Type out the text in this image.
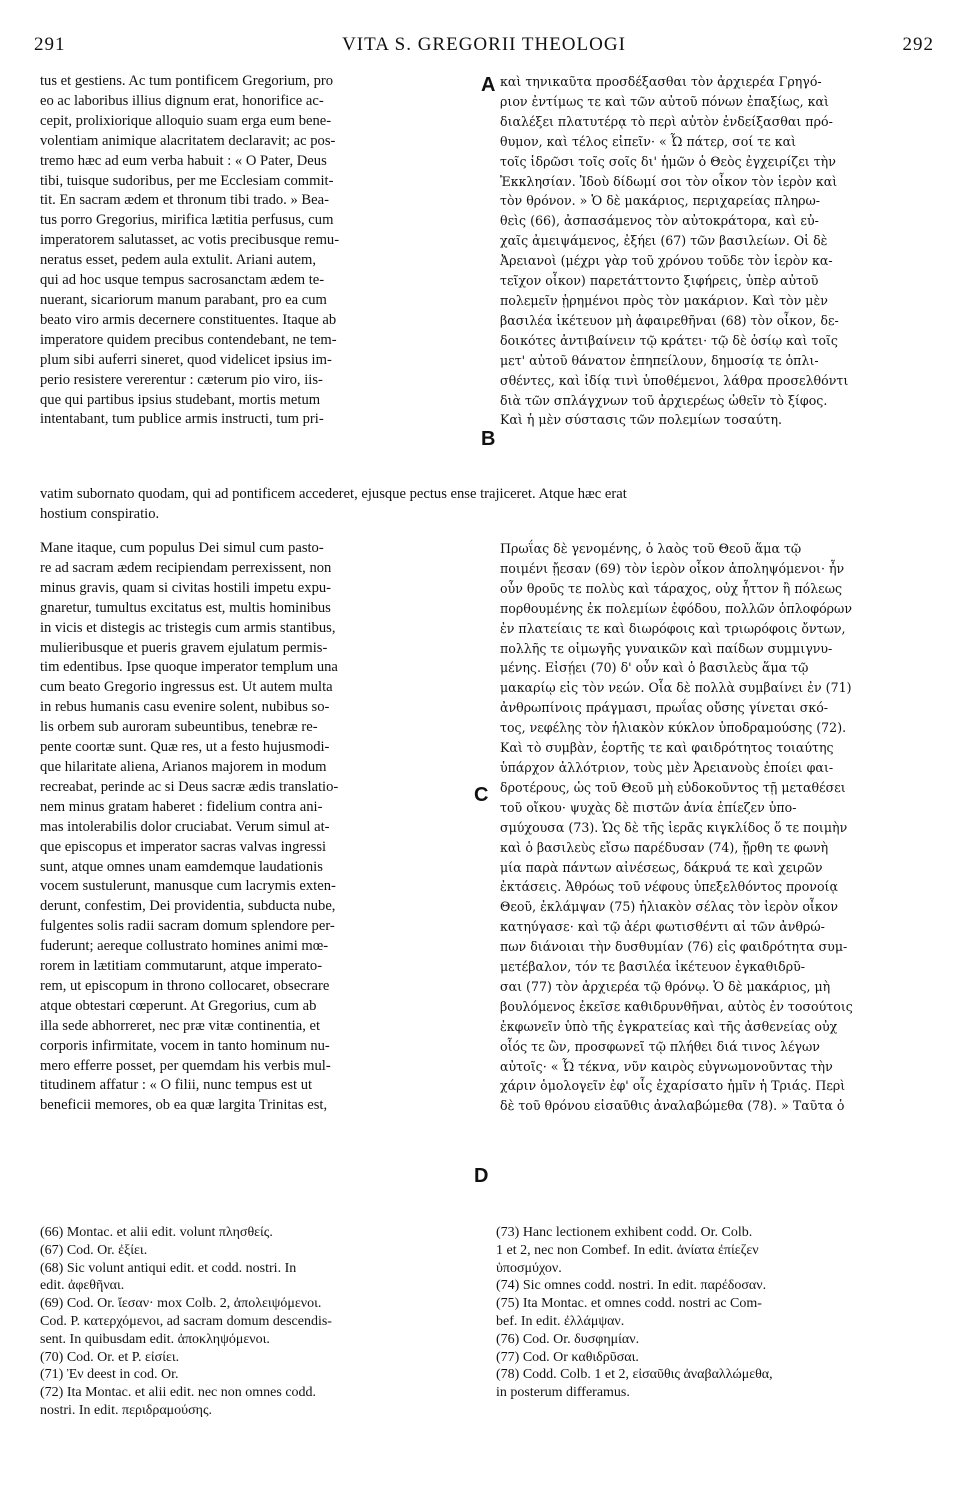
291	VITA S. GREGORII THEOLOGI	292
tus et gestiens. Ac tum pontificem Gregorium, pro
eo ac laboribus illius dignum erat, honorifice ac-
cepit, prolixiorique alloquio suam erga eum bene-
volentiam animique alacritatem declaravit; ac pos-
tremo hæc ad eum verba habuit : « O Pater, Deus
tibi, tuisque sudoribus, per me Ecclesiam commit-
tit. En sacram ædem et thronum tibi trado. » Bea-
tus porro Gregorius, mirifica lætitia perfusus, cum
imperatorem salutasset, ac votis precibusque remu-
neratus esset, pedem aula extulit. Ariani autem,
qui ad hoc usque tempus sacrosanctam ædem te-
nuerant, sicariorum manum parabant, pro ea cum
beato viro armis decernere constituentes. Itaque ab
imperatore quidem precibus contendebant, ne tem-
plum sibi auferri sineret, quod videlicet ipsius im-
perio resistere vererentur : cæterum pio viro, iis-
que qui partibus ipsius studebant, mortis metum
intentabant, tum publice armis instructi, tum pri-
καὶ τηνικαῦτα προσδέξασθαι τὸν ἀρχιερέα Γρηγό-
ριον ἐντίμως τε καὶ τῶν αὐτοῦ πόνων ἐπαξίως, καὶ
διαλέξει πλατυτέρᾳ τὸ περὶ αὐτὸν ἐνδείξασθαι πρό-
θυμον, καὶ τέλος εἰπεῖν· « Ὦ πάτερ, σοί τε καὶ
τοῖς ἱδρῶσι τοῖς σοῖς δι' ἡμῶν ὁ Θεὸς ἐγχειρίζει τὴν
Ἐκκλησίαν. Ἰδοὺ δίδωμί σοι τὸν οἶκον τὸν ἱερὸν καὶ
τὸν θρόνον. » Ὁ δὲ μακάριος, περιχαρείας πληρω-
θεὶς (66), ἀσπασάμενος τὸν αὐτοκράτορα, καὶ εὐ-
χαῖς ἀμειψάμενος, ἐξήει (67) τῶν βασιλείων. Οἱ δὲ
Ἀρειανοὶ (μέχρι γὰρ τοῦ χρόνου τοῦδε τὸν ἱερὸν κα-
τεῖχον οἶκον) παρετάττοντο ξιφήρεις, ὑπὲρ αὐτοῦ
πολεμεῖν ᾑρημένοι πρὸς τὸν μακάριον. Καὶ τὸν μὲν
βασιλέα ἱκέτευον μὴ ἀφαιρεθῆναι (68) τὸν οἶκον, δε-
δοικότες ἀντιβαίνειν τῷ κράτει· τῷ δὲ ὁσίῳ καὶ τοῖς
μετ' αὐτοῦ θάνατον ἐπηπείλουν, δημοσίᾳ τε ὁπλι-
σθέντες, καὶ ἰδίᾳ τινὶ ὑποθέμενοι, λάθρα προσελθόντι
διὰ τῶν σπλάγχνων τοῦ ἀρχιερέως ὠθεῖν τὸ ξίφος.
Καὶ ἡ μὲν σύστασις τῶν πολεμίων τοσαύτη.
vatim subornato quodam, qui ad pontificem accederet, ejusque pectus ense trajiceret. Atque hæc erat
hostium conspiratio.
Mane itaque, cum populus Dei simul cum pasto-
re ad sacram ædem recipiendam perrexissent, non
minus gravis, quam si civitas hostili impetu expu-
gnaretur, tumultus excitatus est, multis hominibus
in vicis et distegis ac tristegis cum armis stantibus,
mulieribusque et pueris gravem ejulatum permis-
tim edentibus. Ipse quoque imperator templum una
cum beato Gregorio ingressus est. Ut autem multa
in rebus humanis casu evenire solent, nubibus so-
lis orbem sub auroram subeuntibus, tenebræ re-
pente coortæ sunt. Quæ res, ut a festo hujusmodi-
que hilaritate aliena, Arianos majorem in modum
recreabat, perinde ac si Deus sacræ ædis translatio-
nem minus gratam haberet : fidelium contra ani-
mas intolerabilis dolor cruciabat. Verum simul at-
que episcopus et imperator sacras valvas ingressi
sunt, atque omnes unam eamdemque laudationis
vocem sustulerunt, manusque cum lacrymis exten-
derunt, confestim, Dei providentia, subducta nube,
fulgentes solis radii sacram domum splendore per-
fuderunt; aereque collustrato homines animi mœ-
rorem in lætitiam commutarunt, atque imperato-
rem, ut episcopum in throno collocaret, obsecrare
atque obtestari cœperunt. At Gregorius, cum ab
illa sede abhorreret, nec præ vitæ continentia, et
corporis infirmitate, vocem in tanto hominum nu-
mero efferre posset, per quemdam his verbis mul-
titudinem affatur : « O filii, nunc tempus est ut
beneficii memores, ob ea quæ largita Trinitas est,
Πρωΐας δὲ γενομένης, ὁ λαὸς τοῦ Θεοῦ ἅμα τῷ
ποιμένι ᾔεσαν (69) τὸν ἱερὸν οἶκον ἀποληψόμενοι· ἦν
οὖν θροῦς τε πολὺς καὶ τάραχος, οὐχ ἧττον ἢ πόλεως
πορθουμένης ἐκ πολεμίων ἐφόδου, πολλῶν ὁπλοφόρων
ἐν πλατείαις τε καὶ διωρόφοις καὶ τριωρόφοις ὄντων,
πολλῆς τε οἰμωγῆς γυναικῶν καὶ παίδων συμμιγνυ-
μένης. Εἰσῄει (70) δ' οὖν καὶ ὁ βασιλεὺς ἅμα τῷ
μακαρίῳ εἰς τὸν νεών. Οἷα δὲ πολλὰ συμβαίνει ἐν (71)
ἀνθρωπίνοις πράγμασι, πρωΐας οὔσης γίνεται σκό-
τος, νεφέλης τὸν ἡλιακὸν κύκλον ὑποδραμούσης (72).
Καὶ τὸ συμβὰν, ἑορτῆς τε καὶ φαιδρότητος τοιαύτης
ὑπάρχον ἀλλότριον, τοὺς μὲν Ἀρειανοὺς ἐποίει φαι-
δροτέρους, ὡς τοῦ Θεοῦ μὴ εὐδοκοῦντος τῇ μεταθέσει
τοῦ οἴκου· ψυχὰς δὲ πιστῶν ἀνία ἐπίεζεν ὑπο-
σμύχουσα (73). Ὡς δὲ τῆς ἱερᾶς κιγκλίδος ὅ τε ποιμὴν
καὶ ὁ βασιλεὺς εἴσω παρέδυσαν (74), ᾔρθη τε φωνὴ
μία παρὰ πάντων αἰνέσεως, δάκρυά τε καὶ χειρῶν
ἐκτάσεις. Ἀθρόως τοῦ νέφους ὑπεξελθόντος προνοίᾳ
Θεοῦ, ἐκλάμψαν (75) ἡλιακὸν σέλας τὸν ἱερὸν οἶκον
κατηύγασε· καὶ τῷ ἀέρι φωτισθέντι αἱ τῶν ἀνθρώ-
πων διάνοιαι τὴν δυσθυμίαν (76) εἰς φαιδρότητα συμ-
μετέβαλον, τόν τε βασιλέα ἱκέτευον ἐγκαθιδρῦ-
σαι (77) τὸν ἀρχιερέα τῷ θρόνῳ. Ὁ δὲ μακάριος, μὴ
βουλόμενος ἐκεῖσε καθιδρυνθῆναι, αὐτὸς ἐν τοσούτοις
ἐκφωνεῖν ὑπὸ τῆς ἐγκρατείας καὶ τῆς ἀσθενείας οὐχ
οἷός τε ὢν, προσφωνεῖ τῷ πλήθει διά τινος λέγων
αὐτοῖς· « Ὦ τέκνα, νῦν καιρὸς εὐγνωμονοῦντας τὴν
χάριν ὁμολογεῖν ἐφ' οἷς ἐχαρίσατο ἡμῖν ἡ Τριάς. Περὶ
δὲ τοῦ θρόνου εἰσαῦθις ἀναλαβώμεθα (78). » Ταῦτα ὁ
A
B
C
D
(66) Montac. et alii edit. volunt πλησθείς.
(67) Cod. Or. ἐξίει.
(68) Sic volunt antiqui edit. et codd. nostri. In
edit. ἀφεθῆναι.
(69) Cod. Or. ἴεσαν· mox Colb. 2, ἀπολειψόμενοι.
Cod. P. κατερχόμενοι, ad sacram domum descendis-
sent. In quibusdam edit. ἀποκληψόμενοι.
(70) Cod. Or. et P. εἰσίει.
(71) Ἐν deest in cod. Or.
(72) Ita Montac. et alii edit. nec non omnes codd.
nostri. In edit. περιδραμούσης.
(73) Hanc lectionem exhibent codd. Or. Colb.
1 et 2, nec non Combef. In edit. ἀνίατα ἐπίεζεν
ὑποσμύχον.
(74) Sic omnes codd. nostri. In edit. παρέδοσαν.
(75) Ita Montac. et omnes codd. nostri ac Com-
bef. In edit. ἐλλάμψαν.
(76) Cod. Or. δυσφημίαν.
(77) Cod. Or καθιδρῦσαι.
(78) Codd. Colb. 1 et 2, εἰσαῦθις ἀναβαλλώμεθα,
in posterum differamus.
